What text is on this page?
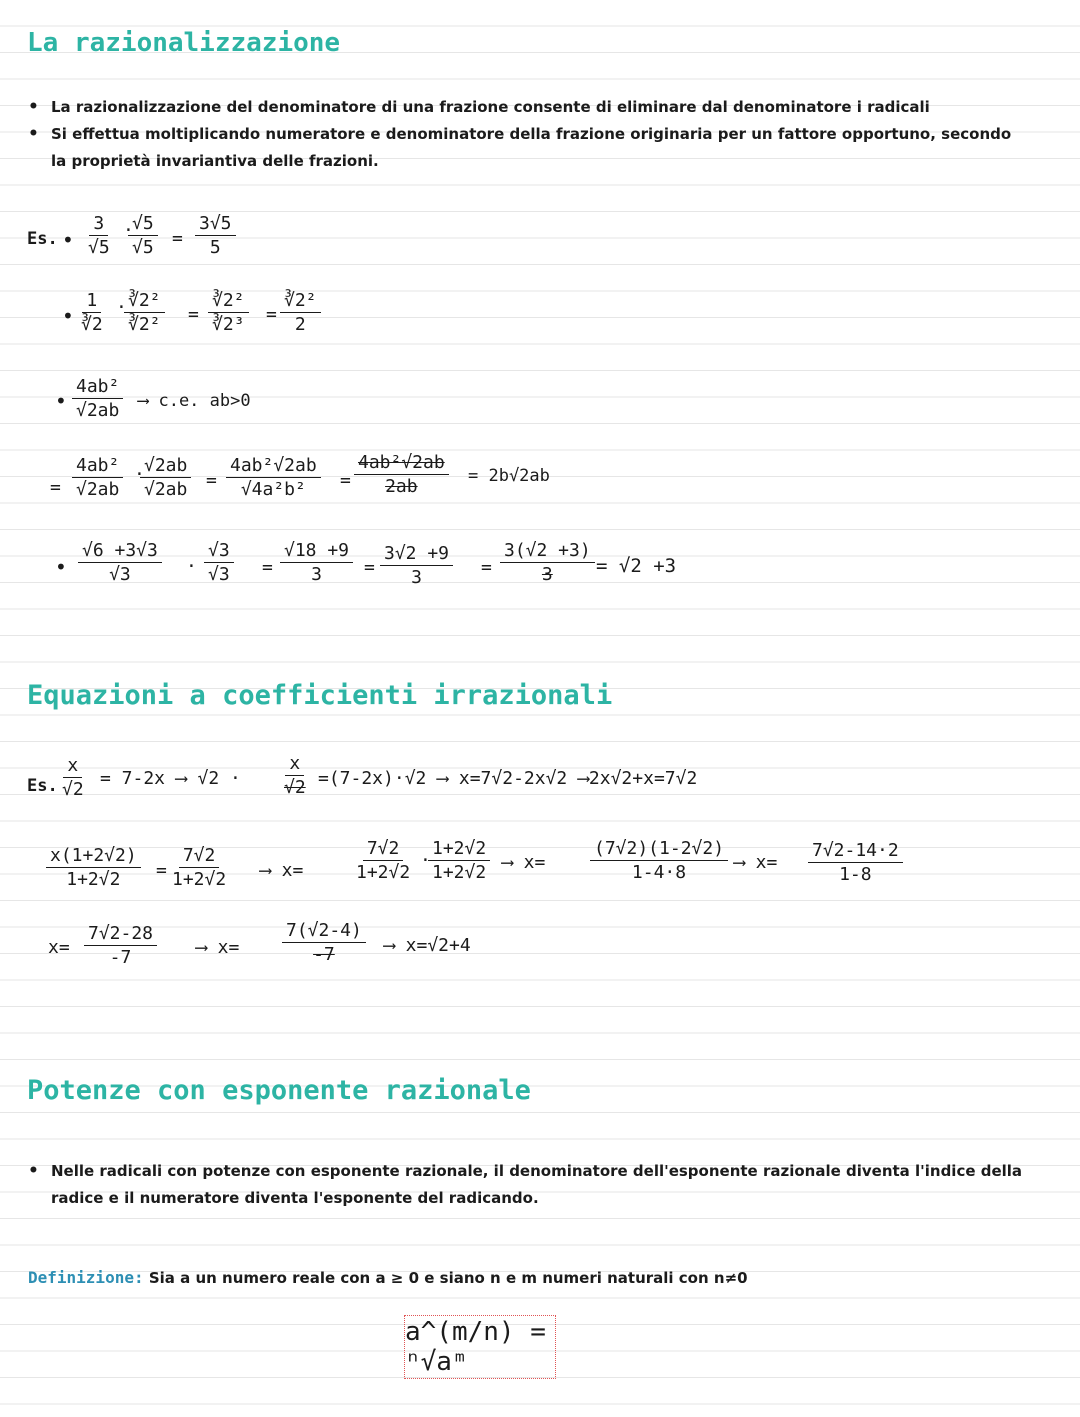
La razionalizzazione
• La razionalizzazione del denominatore di una frazione consente di eliminare dal denominatore i radicali
• Si effettua moltiplicando numeratore e denominatore della frazione originaria per un fattore opportuno, secondo la proprietà invariantiva delle frazioni.
Es. • $\frac{3}{√5}$ ·
$\frac{√5}{√5} = \frac{3√5}{5}$
• $\frac{1}{∛2}$ ·
$\frac{\text{∛2²}}{\text{∛2²}} = \frac{\text{∛2²}}{\text{∛2³}} = \frac{\text{∛2²}}{2}$
• $\frac{\text{4ab²}}{√2ab}$ ⟶ c.e. ab>0
= $\frac{\text{4ab²}}{√2ab}$ ·
$\frac{√2ab}{√2ab} = \frac{\text{4ab²√2ab}}{\text{√4a²b²}} = \frac{\text{4ab²√2ab}}{2ab} = 2b√2ab$
• $\frac{√6 +3√3}{√3} \cdot \frac{√3}{√3} = \frac{√18 +9}{3} = \frac{3√2 +9}{3} = \frac{3(√2 +3)}{3} = √2 +3$
Equazioni a coefficienti irrazionali
Es. $\frac{x}{√2} = 7-2x$ ⟶ $√2 \cdot \frac{x}{√2} =(7-2x)\cdot√2$ ⟶ x=7√2-2x√2 ⟶2x√2+x=7√2
$\frac{x(1+2√2)}{1+2√2} = \frac{7√2}{1+2√2}$ ⟶ x=	$\frac{7√2}{1+2√2}$ ·
$\frac{1+2√2}{1+2√2}$ ⟶ $x= \frac{(7√2)(1-2√2)}{1-4\cdot 8}$ ⟶ $x= \frac{7√2-14\cdot 2}{1-8}$
$x= \frac{7√2-28}{-7}$ ⟶ $x= \frac{7(√2-4)}{-7}$ ⟶ x=√2+4
Potenze con esponente razionale
• Nelle radicali con potenze con esponente razionale, il denominatore dell'esponente razionale diventa l'indice della radice e il numeratore diventa l'esponente del radicando.
Definizione: Sia a un numero reale con a ≥ 0 e siano n e m numeri naturali con n≠0
a^(m/n) = ⁿ√aᵐ
